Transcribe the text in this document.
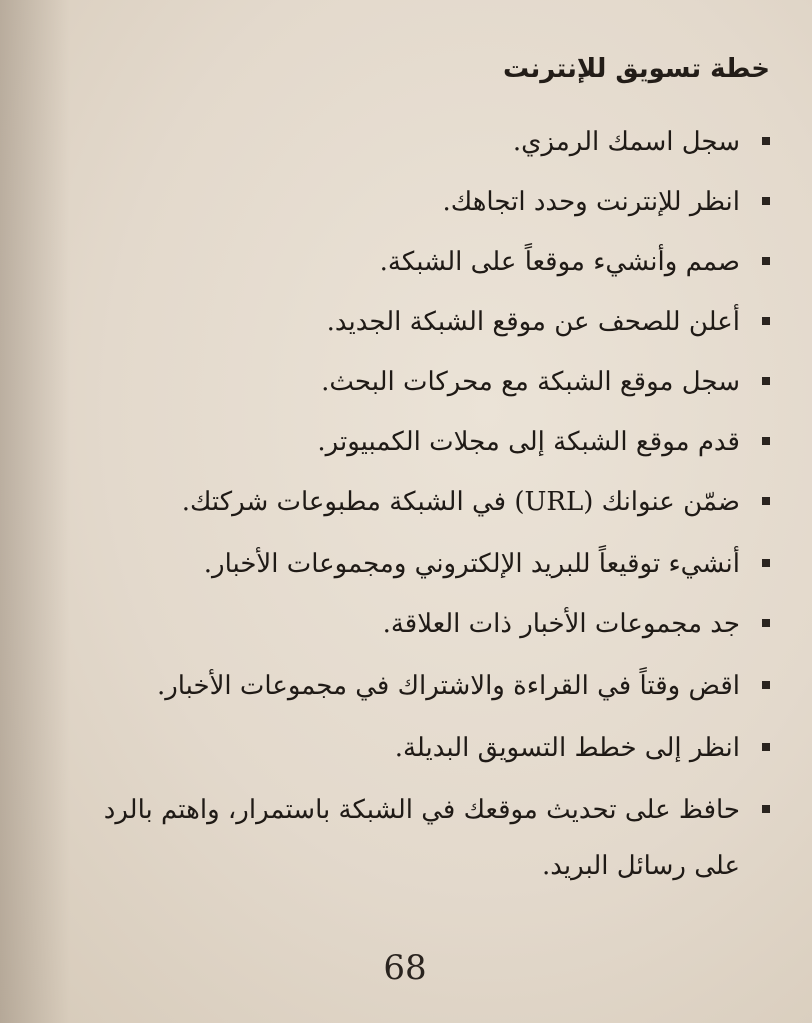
خطة تسويق للإنترنت
سجل اسمك الرمزي.
انظر للإنترنت وحدد اتجاهك.
صمم وأنشيء موقعاً على الشبكة.
أعلن للصحف عن موقع الشبكة الجديد.
سجل موقع الشبكة مع محركات البحث.
قدم موقع الشبكة إلى مجلات الكمبيوتر.
ضمّن عنوانك (URL) في الشبكة مطبوعات شركتك.
أنشيء توقيعاً للبريد الإلكتروني ومجموعات الأخبار.
جد مجموعات الأخبار ذات العلاقة.
اقض وقتاً في القراءة والاشتراك في مجموعات الأخبار.
انظر إلى خطط التسويق البديلة.
حافظ على تحديث موقعك في الشبكة باستمرار، واهتم بالرد على رسائل البريد.
68
